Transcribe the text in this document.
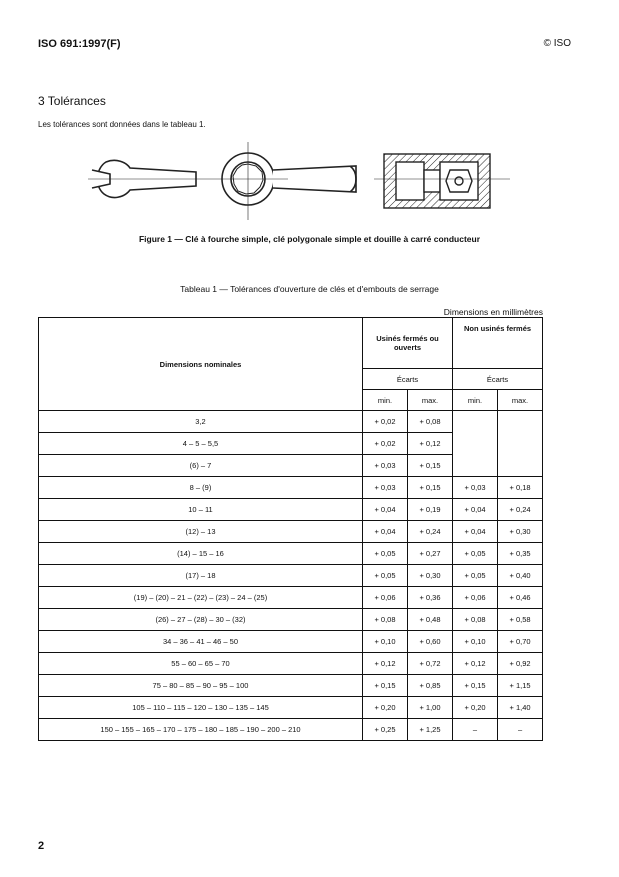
ISO 691:1997(F)	© ISO
3 Tolérances
Les tolérances sont données dans le tableau 1.
Figure 1 — Clé à fourche simple, clé polygonale simple et douille à carré conducteur
Tableau 1 — Tolérances d'ouverture de clés et d'embouts de serrage
Dimensions en millimètres
Dimensions nominales	Usinés fermés ou ouverts		Non usinés fermés	
	Écarts		Écarts	
	min.	max.	min.	max.
3,2	+ 0,02	+ 0,08		
4 – 5 – 5,5	+ 0,02	+ 0,12		
(6) – 7	+ 0,03	+ 0,15		
8 – (9)	+ 0,03	+ 0,15	+ 0,03	+ 0,18
10 – 11	+ 0,04	+ 0,19	+ 0,04	+ 0,24
(12) – 13	+ 0,04	+ 0,24	+ 0,04	+ 0,30
(14) – 15 – 16	+ 0,05	+ 0,27	+ 0,05	+ 0,35
(17) – 18	+ 0,05	+ 0,30	+ 0,05	+ 0,40
(19) – (20) – 21 – (22) – (23) – 24 – (25)	+ 0,06	+ 0,36	+ 0,06	+ 0,46
(26) – 27 – (28) – 30 – (32)	+ 0,08	+ 0,48	+ 0,08	+ 0,58
34 – 36 – 41 – 46 – 50	+ 0,10	+ 0,60	+ 0,10	+ 0,70
55 – 60 – 65 – 70	+ 0,12	+ 0,72	+ 0,12	+ 0,92
75 – 80 – 85 – 90 – 95 – 100	+ 0,15	+ 0,85	+ 0,15	+ 1,15
105 – 110 – 115 – 120 – 130 – 135 – 145	+ 0,20	+ 1,00	+ 0,20	+ 1,40
150 – 155 – 165 – 170 – 175 – 180 – 185 – 190 – 200 – 210	+ 0,25	+ 1,25	–	–
2
